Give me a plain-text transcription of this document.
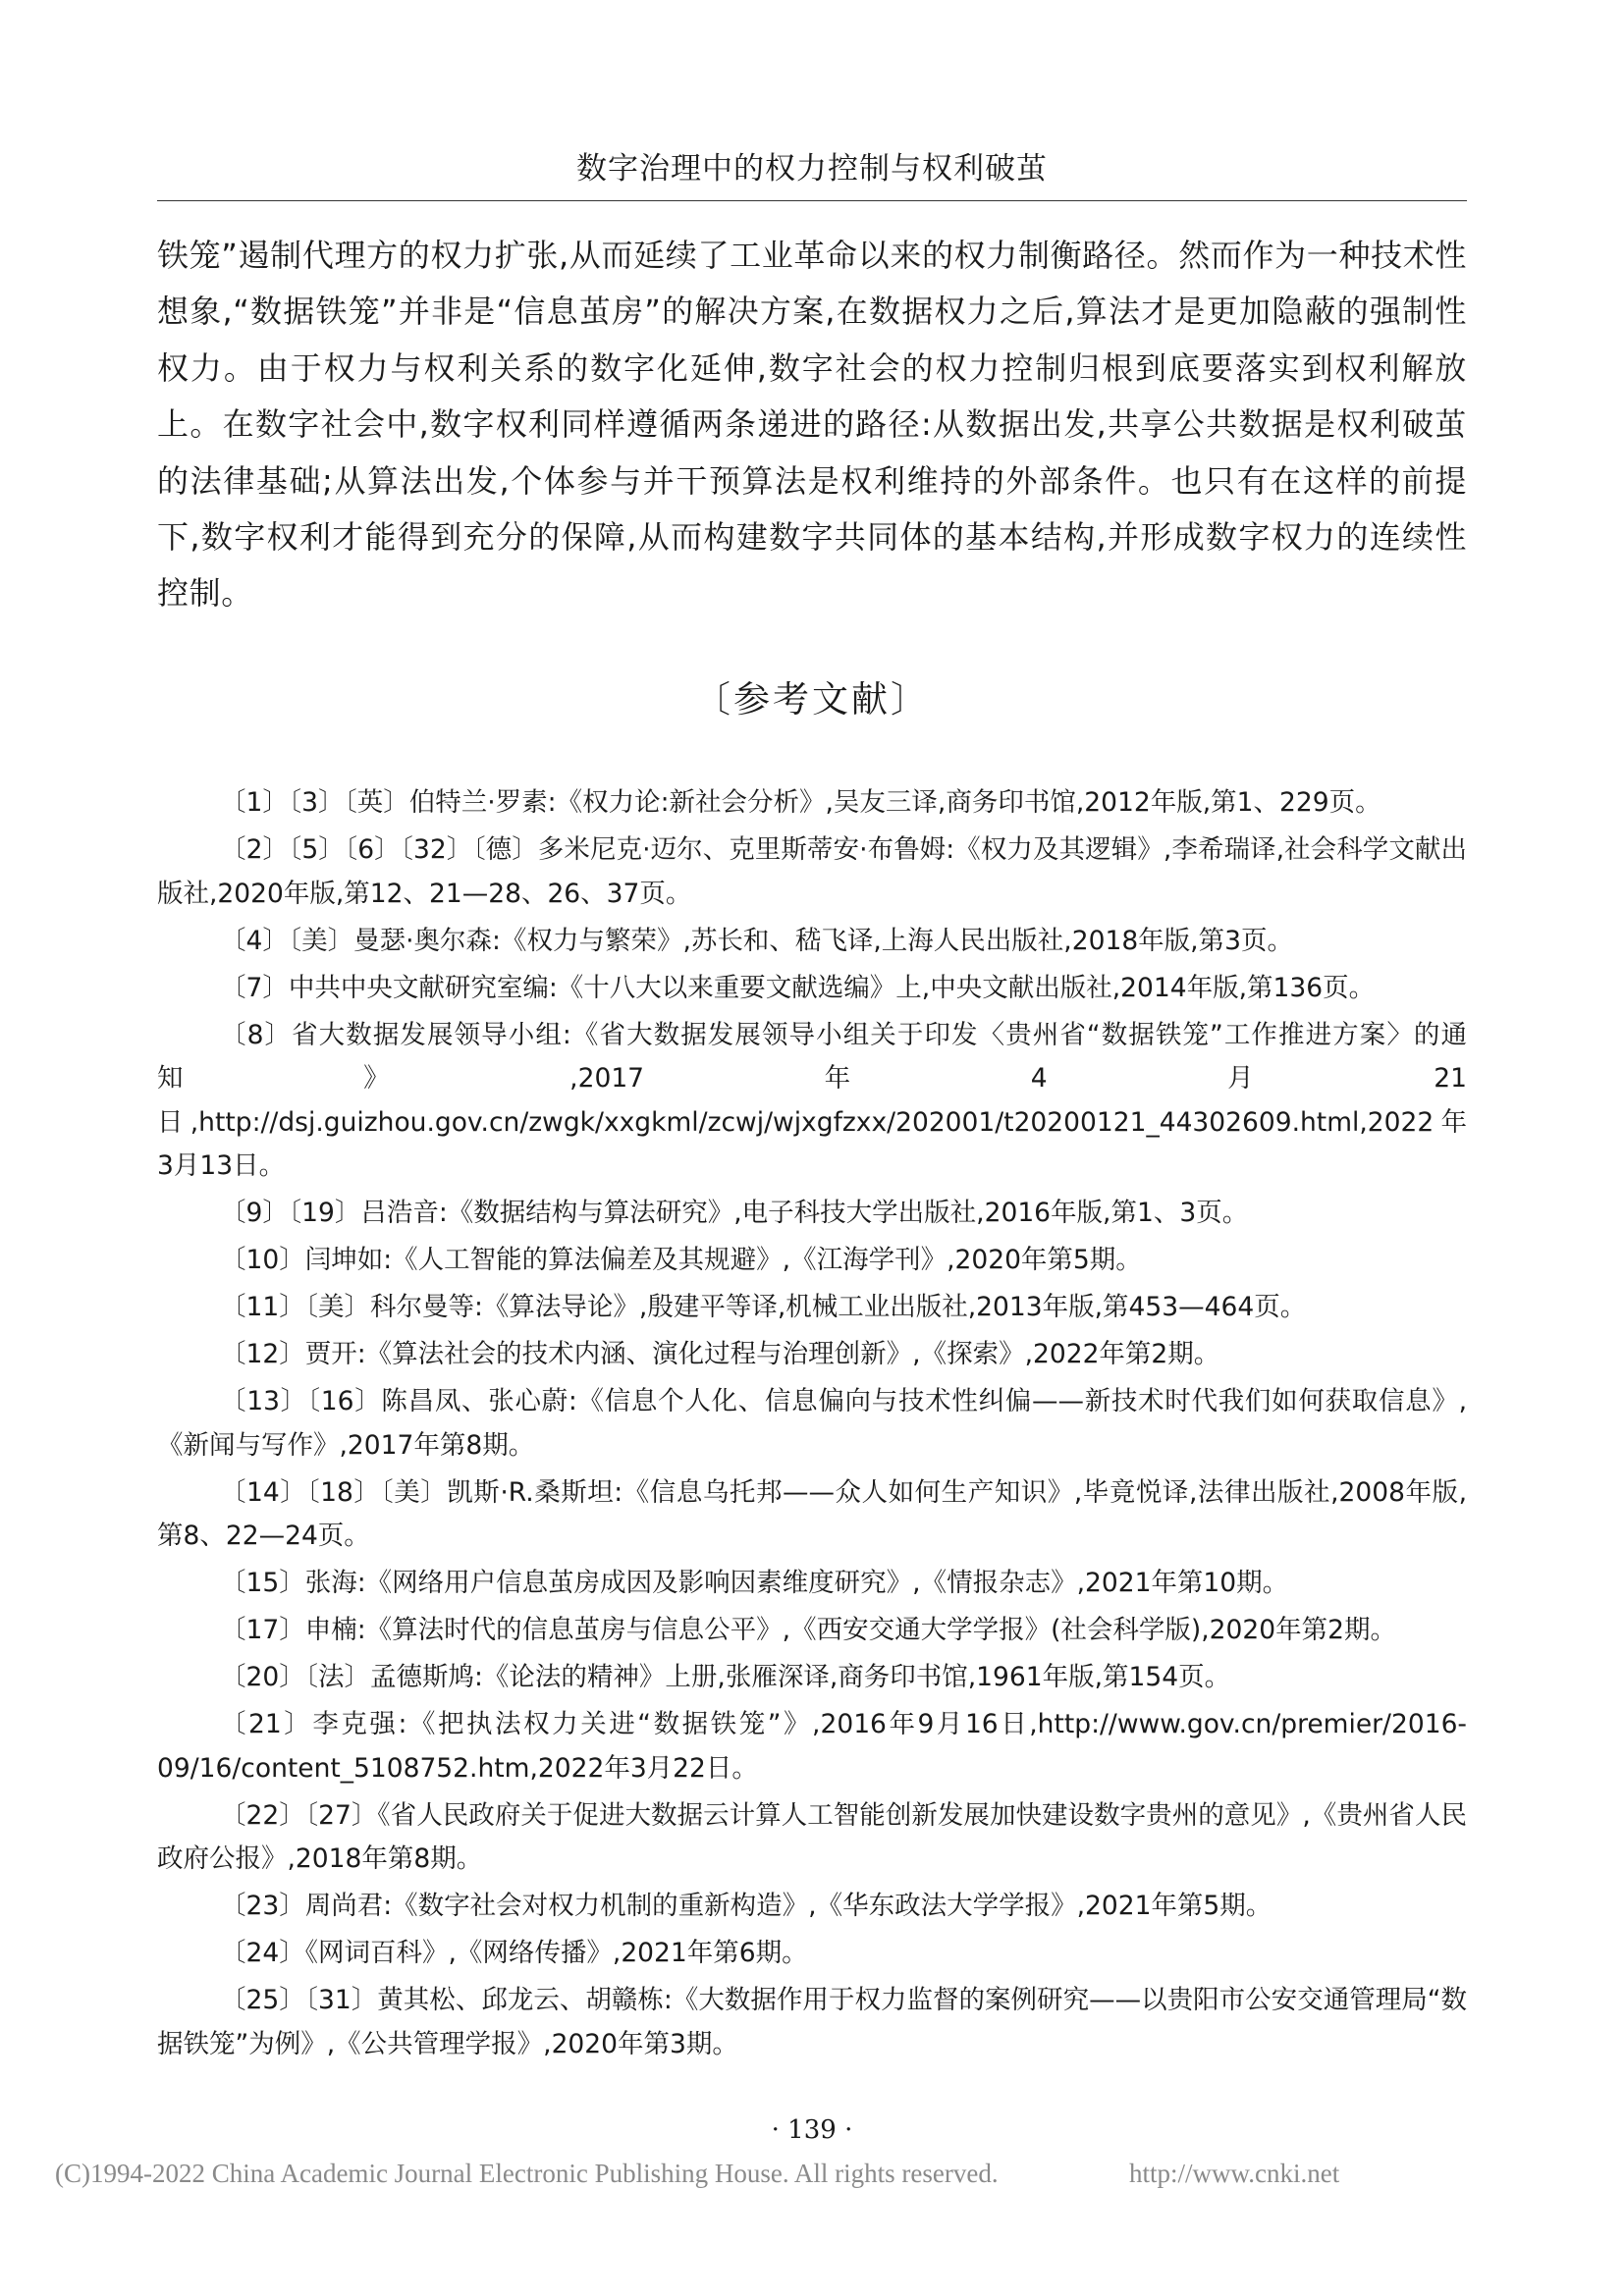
数字治理中的权力控制与权利破茧

铁笼”遏制代理方的权力扩张,从而延续了工业革命以来的权力制衡路径。然而作为一种技术性想象,“数据铁笼”并非是“信息茧房”的解决方案,在数据权力之后,算法才是更加隐蔽的强制性权力。由于权力与权利关系的数字化延伸,数字社会的权力控制归根到底要落实到权利解放上。在数字社会中,数字权利同样遵循两条递进的路径:从数据出发,共享公共数据是权利破茧的法律基础;从算法出发,个体参与并干预算法是权利维持的外部条件。也只有在这样的前提下,数字权利才能得到充分的保障,从而构建数字共同体的基本结构,并形成数字权力的连续性控制。

〔参考文献〕
〔1〕〔3〕〔英〕伯特兰·罗素:《权力论:新社会分析》,吴友三译,商务印书馆,2012年版,第1、229页。
〔2〕〔5〕〔6〕〔32〕〔德〕多米尼克·迈尔、克里斯蒂安·布鲁姆:《权力及其逻辑》,李希瑞译,社会科学文献出版社,2020年版,第12、21—28、26、37页。
〔4〕〔美〕曼瑟·奥尔森:《权力与繁荣》,苏长和、嵇飞译,上海人民出版社,2018年版,第3页。
〔7〕中共中央文献研究室编:《十八大以来重要文献选编》上,中央文献出版社,2014年版,第136页。
〔8〕省大数据发展领导小组:《省大数据发展领导小组关于印发〈贵州省“数据铁笼”工作推进方案〉的通知》,2017年4月21日,http://dsj.guizhou.gov.cn/zwgk/xxgkml/zcwj/wjxgfzxx/202001/t20200121_44302609.html,2022年3月13日。
〔9〕〔19〕吕浩音:《数据结构与算法研究》,电子科技大学出版社,2016年版,第1、3页。
〔10〕闫坤如:《人工智能的算法偏差及其规避》,《江海学刊》,2020年第5期。
〔11〕〔美〕科尔曼等:《算法导论》,殷建平等译,机械工业出版社,2013年版,第453—464页。
〔12〕贾开:《算法社会的技术内涵、演化过程与治理创新》,《探索》,2022年第2期。
〔13〕〔16〕陈昌凤、张心蔚:《信息个人化、信息偏向与技术性纠偏——新技术时代我们如何获取信息》,《新闻与写作》,2017年第8期。
〔14〕〔18〕〔美〕凯斯·R.桑斯坦:《信息乌托邦——众人如何生产知识》,毕竟悦译,法律出版社,2008年版,第8、22—24页。
〔15〕张海:《网络用户信息茧房成因及影响因素维度研究》,《情报杂志》,2021年第10期。
〔17〕申楠:《算法时代的信息茧房与信息公平》,《西安交通大学学报》(社会科学版),2020年第2期。
〔20〕〔法〕孟德斯鸠:《论法的精神》上册,张雁深译,商务印书馆,1961年版,第154页。
〔21〕李克强:《把执法权力关进“数据铁笼”》,2016年9月16日,http://www.gov.cn/premier/2016-09/16/content_5108752.htm,2022年3月22日。
〔22〕〔27〕《省人民政府关于促进大数据云计算人工智能创新发展加快建设数字贵州的意见》,《贵州省人民政府公报》,2018年第8期。
〔23〕周尚君:《数字社会对权力机制的重新构造》,《华东政法大学学报》,2021年第5期。
〔24〕《网词百科》,《网络传播》,2021年第6期。
〔25〕〔31〕黄其松、邱龙云、胡赣栋:《大数据作用于权力监督的案例研究——以贵阳市公安交通管理局“数据铁笼”为例》,《公共管理学报》,2020年第3期。
· 139 ·
(C)1994-2022 China Academic Journal Electronic Publishing House. All rights reserved.	http://www.cnki.net
